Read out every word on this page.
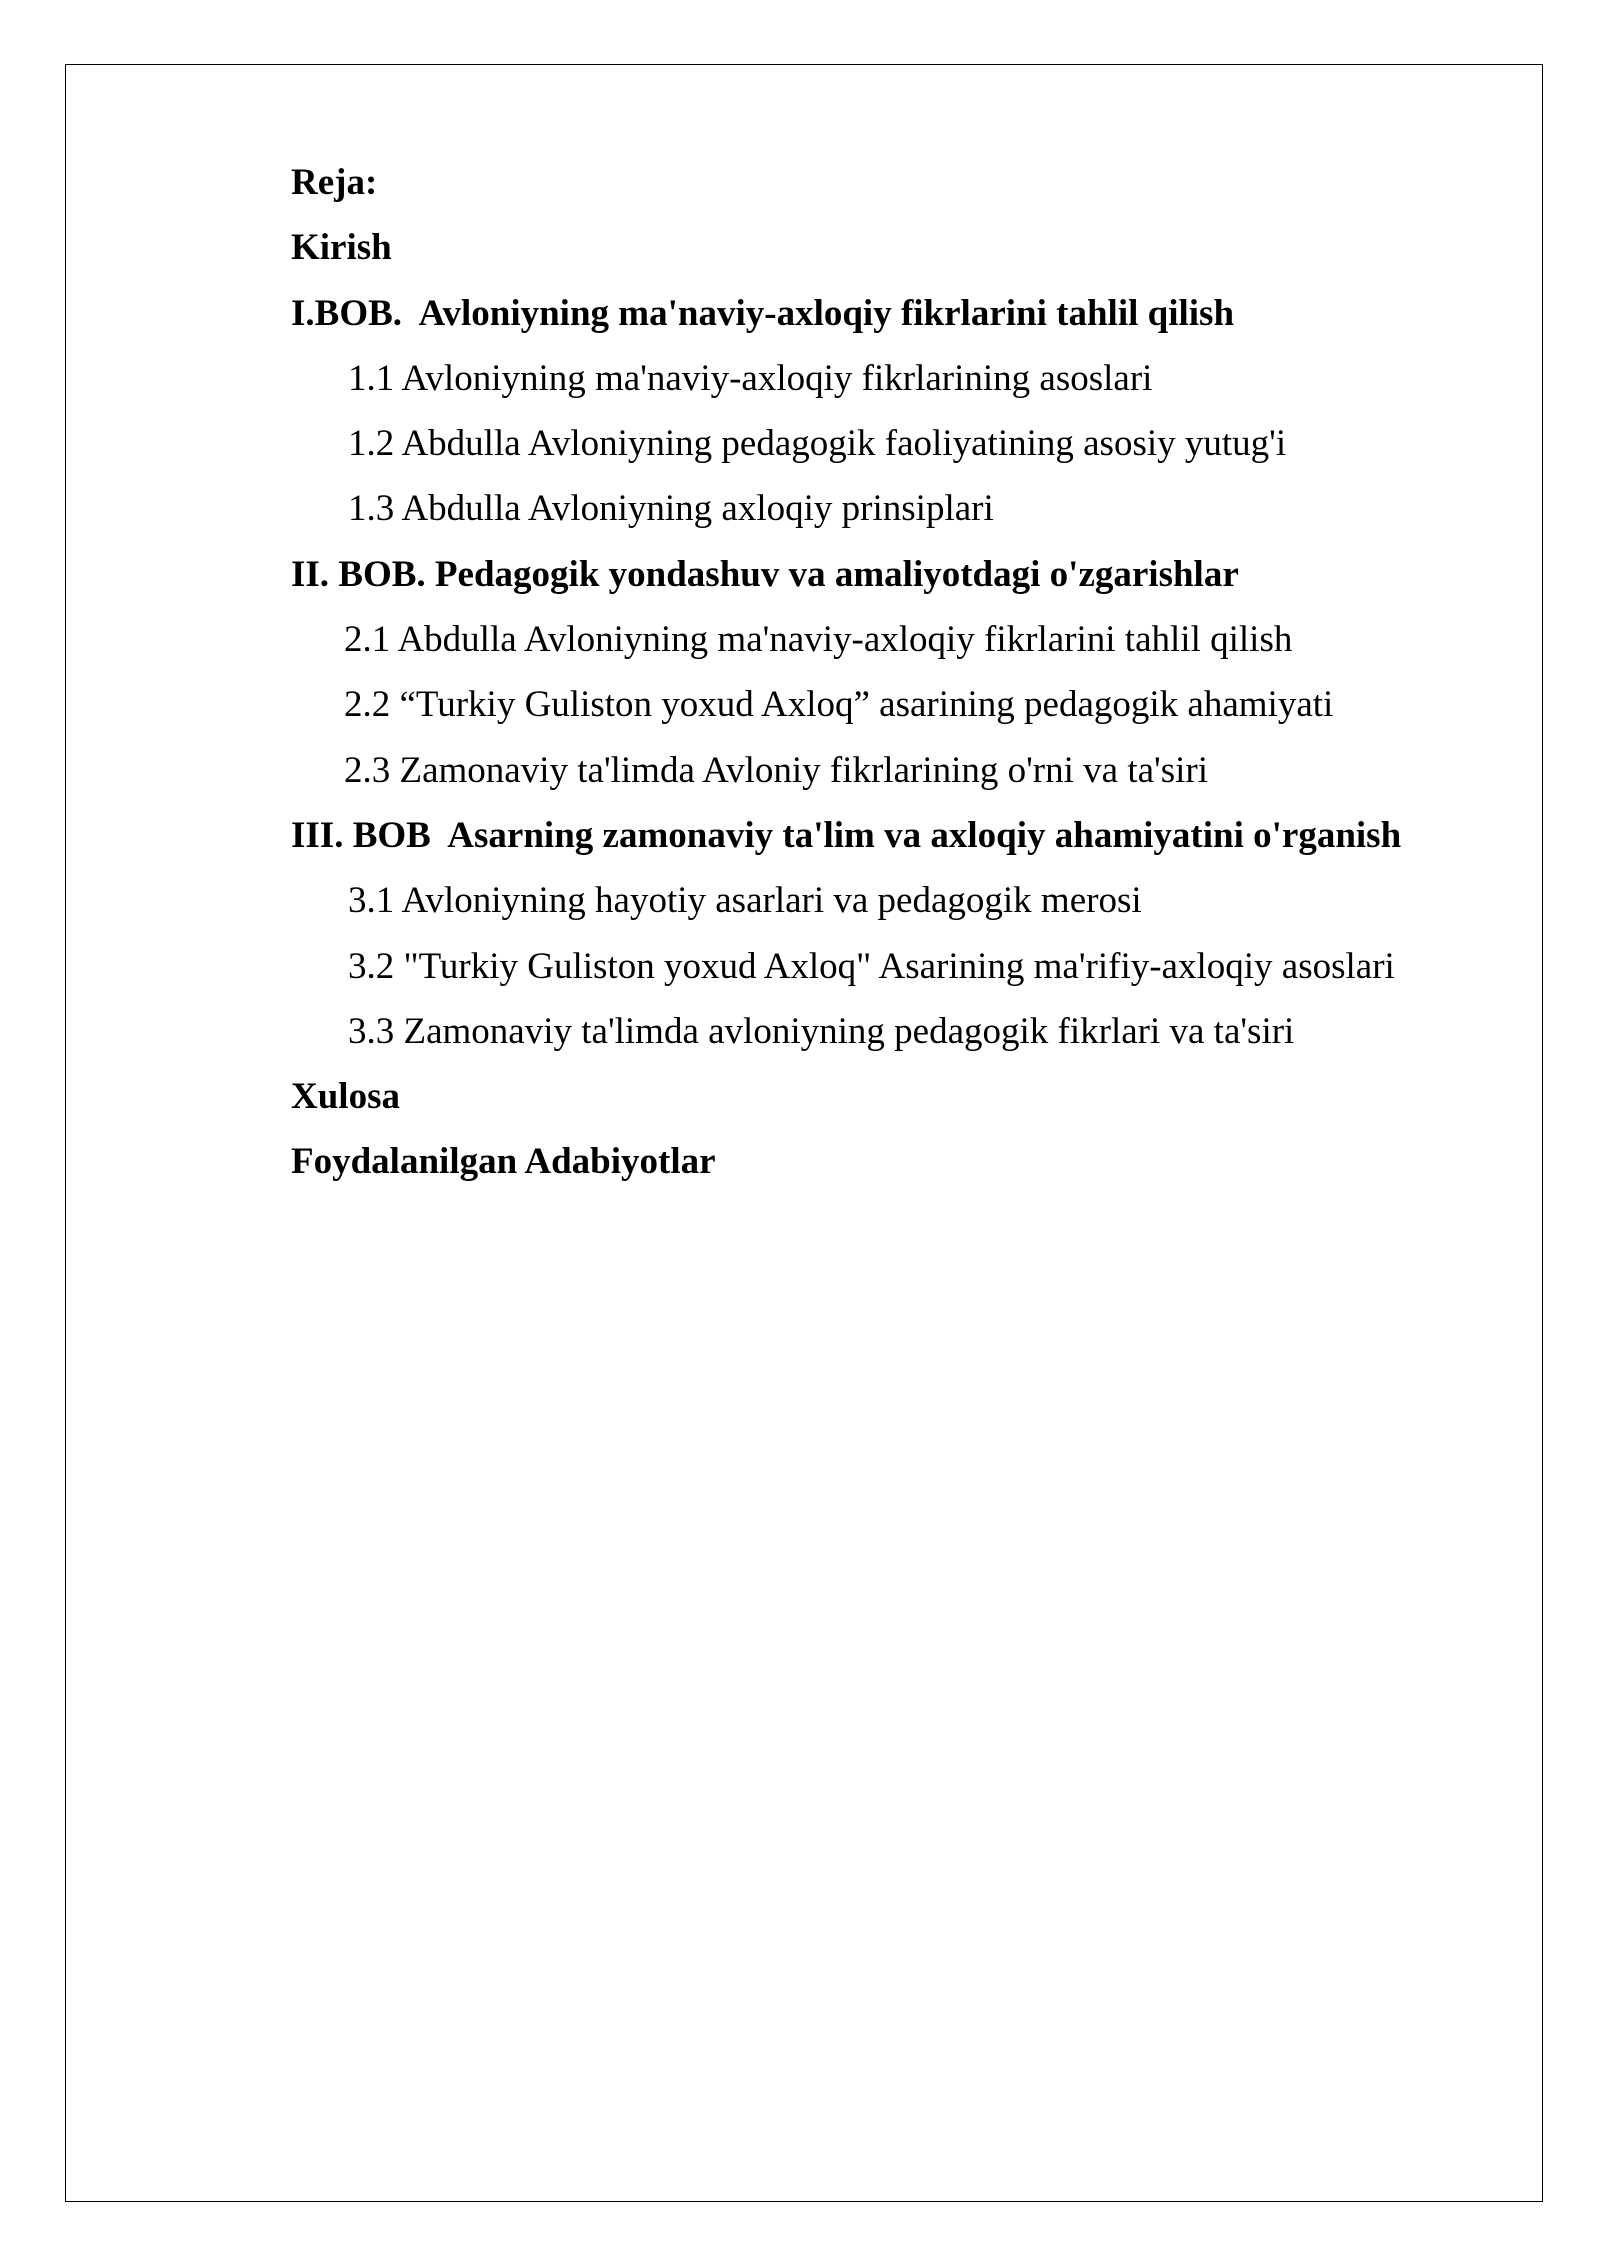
Reja:
Kirish
I.BOB.  Avloniyning ma'naviy-axloqiy fikrlarini tahlil qilish
1.1 Avloniyning ma'naviy-axloqiy fikrlarining asoslari
1.2 Abdulla Avloniyning pedagogik faoliyatining asosiy yutug'i
1.3 Abdulla Avloniyning axloqiy prinsiplari
II. BOB. Pedagogik yondashuv va amaliyotdagi o'zgarishlar
2.1 Abdulla Avloniyning ma'naviy-axloqiy fikrlarini tahlil qilish
2.2 “Turkiy Guliston yoxud Axloq” asarining pedagogik ahamiyati
2.3 Zamonaviy ta'limda Avloniy fikrlarining o'rni va ta'siri
III. BOB  Asarning zamonaviy ta'lim va axloqiy ahamiyatini o'rganish
3.1 Avloniyning hayotiy asarlari va pedagogik merosi
3.2 "Turkiy Guliston yoxud Axloq" Asarining ma'rifiy-axloqiy asoslari
3.3 Zamonaviy ta'limda avloniyning pedagogik fikrlari va ta'siri
Xulosa
Foydalanilgan Adabiyotlar
